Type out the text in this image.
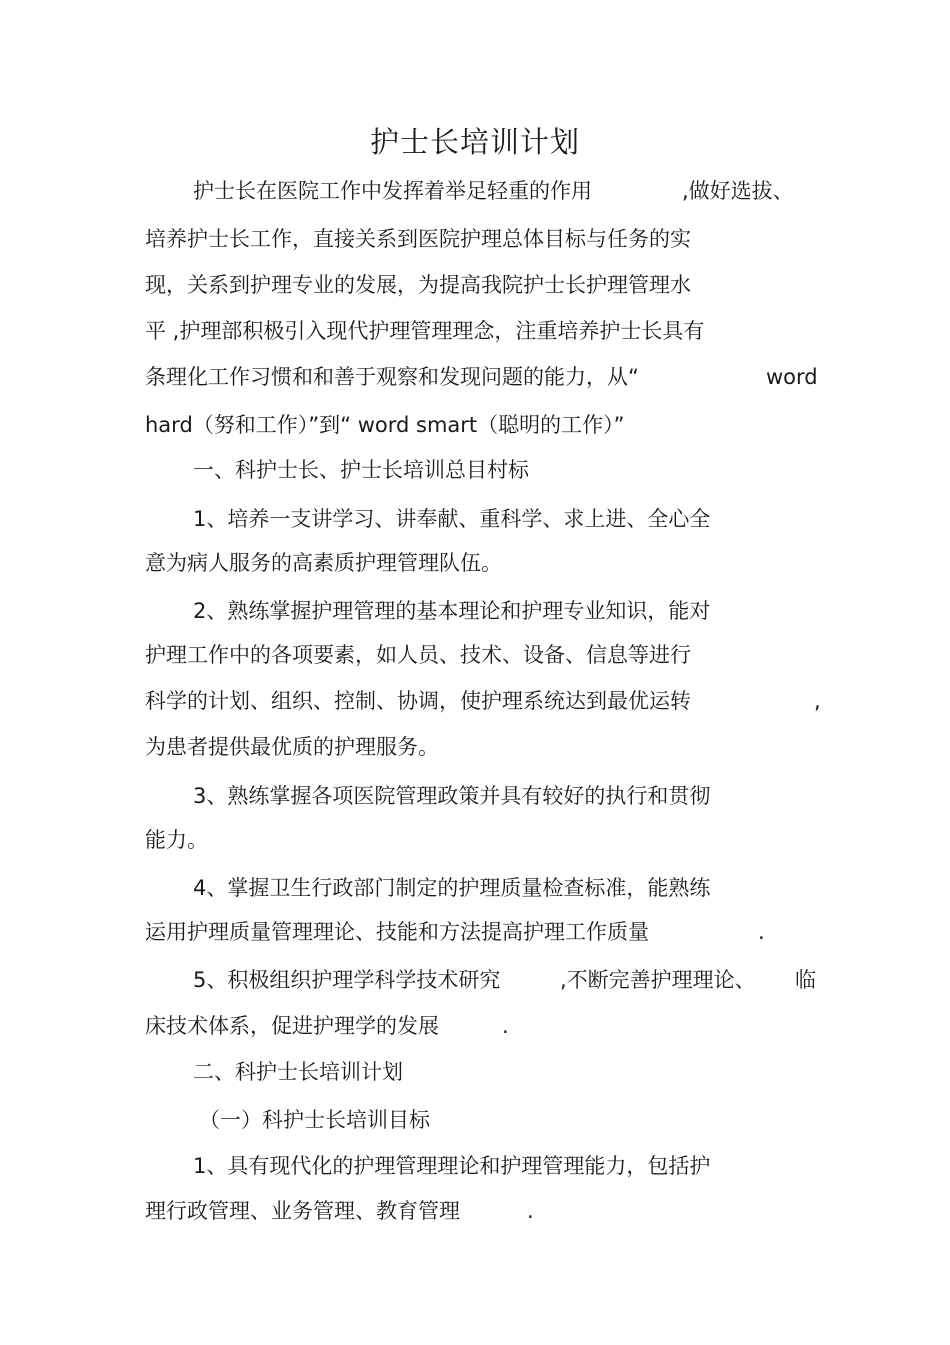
护士长培训计划
护士长在医院工作中发挥着举足轻重的作用	,做好选拔、
培养护士长工作，直接关系到医院护理总体目标与任务的实
现，关系到护理专业的发展，为提高我院护士长护理管理水
平 ,护理部积极引入现代护理管理理念，注重培养护士长具有
条理化工作习惯和和善于观察和发现问题的能力，从“	word
hard（努和工作）”到“ word smart（聪明的工作）”
一、科护士长、护士长培训总目村标
1、培养一支讲学习、讲奉献、重科学、求上进、全心全
意为病人服务的高素质护理管理队伍。
2、熟练掌握护理管理的基本理论和护理专业知识，能对
护理工作中的各项要素，如人员、技术、设备、信息等进行
科学的计划、组织、控制、协调，使护理系统达到最优运转	,
为患者提供最优质的护理服务。
3、熟练掌握各项医院管理政策并具有较好的执行和贯彻
能力。
4、掌握卫生行政部门制定的护理质量检查标准，能熟练
运用护理质量管理理论、技能和方法提高护理工作质量	.
5、积极组织护理学科学技术研究	,不断完善护理理论、 临
床技术体系，促进护理学的发展	.
二、科护士长培训计划
（一）科护士长培训目标
1、具有现代化的护理管理理论和护理管理能力，包括护
理行政管理、业务管理、教育管理	.
